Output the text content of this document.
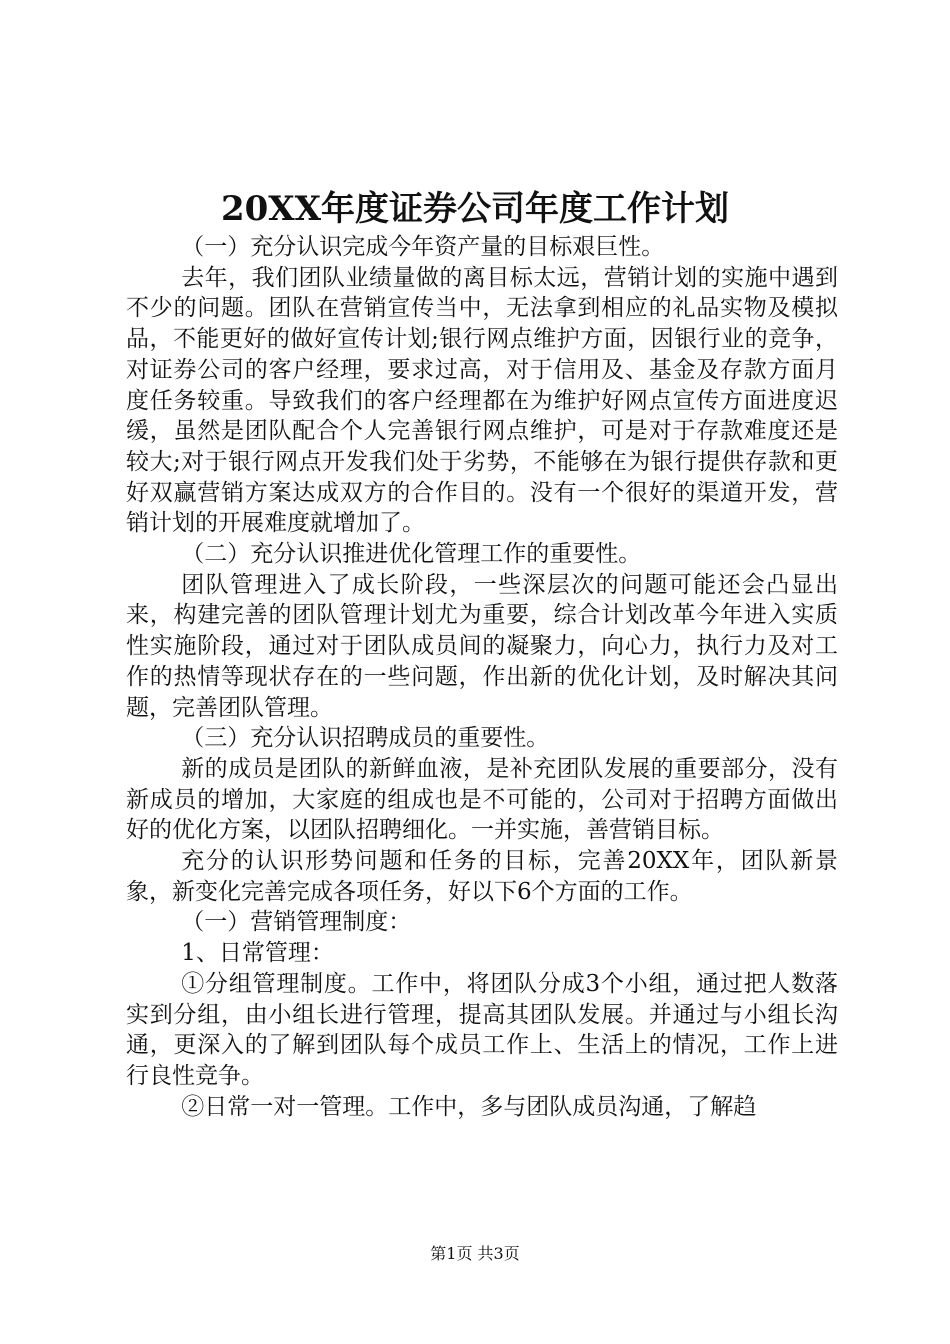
20XX年度证券公司年度工作计划

（一）充分认识完成今年资产量的目标艰巨性。

去年，我们团队业绩量做的离目标太远，营销计划的实施中遇到不少的问题。团队在营销宣传当中，无法拿到相应的礼品实物及模拟品，不能更好的做好宣传计划;银行网点维护方面，因银行业的竞争，对证券公司的客户经理，要求过高，对于信用及、基金及存款方面月度任务较重。导致我们的客户经理都在为维护好网点宣传方面进度迟缓，虽然是团队配合个人完善银行网点维护，可是对于存款难度还是较大;对于银行网点开发我们处于劣势，不能够在为银行提供存款和更好双赢营销方案达成双方的合作目的。没有一个很好的渠道开发，营销计划的开展难度就增加了。

（二）充分认识推进优化管理工作的重要性。

团队管理进入了成长阶段，一些深层次的问题可能还会凸显出来，构建完善的团队管理计划尤为重要，综合计划改革今年进入实质性实施阶段，通过对于团队成员间的凝聚力，向心力，执行力及对工作的热情等现状存在的一些问题，作出新的优化计划，及时解决其问题，完善团队管理。

（三）充分认识招聘成员的重要性。

新的成员是团队的新鲜血液，是补充团队发展的重要部分，没有新成员的增加，大家庭的组成也是不可能的，公司对于招聘方面做出好的优化方案，以团队招聘细化。一并实施，善营销目标。

充分的认识形势问题和任务的目标，完善20XX年，团队新景象，新变化完善完成各项任务，好以下6个方面的工作。

（一）营销管理制度：

1、日常管理：

①分组管理制度。工作中，将团队分成3个小组，通过把人数落实到分组，由小组长进行管理，提高其团队发展。并通过与小组长沟通，更深入的了解到团队每个成员工作上、生活上的情况，工作上进行良性竞争。

②日常一对一管理。工作中，多与团队成员沟通，了解趋

第1页 共3页
